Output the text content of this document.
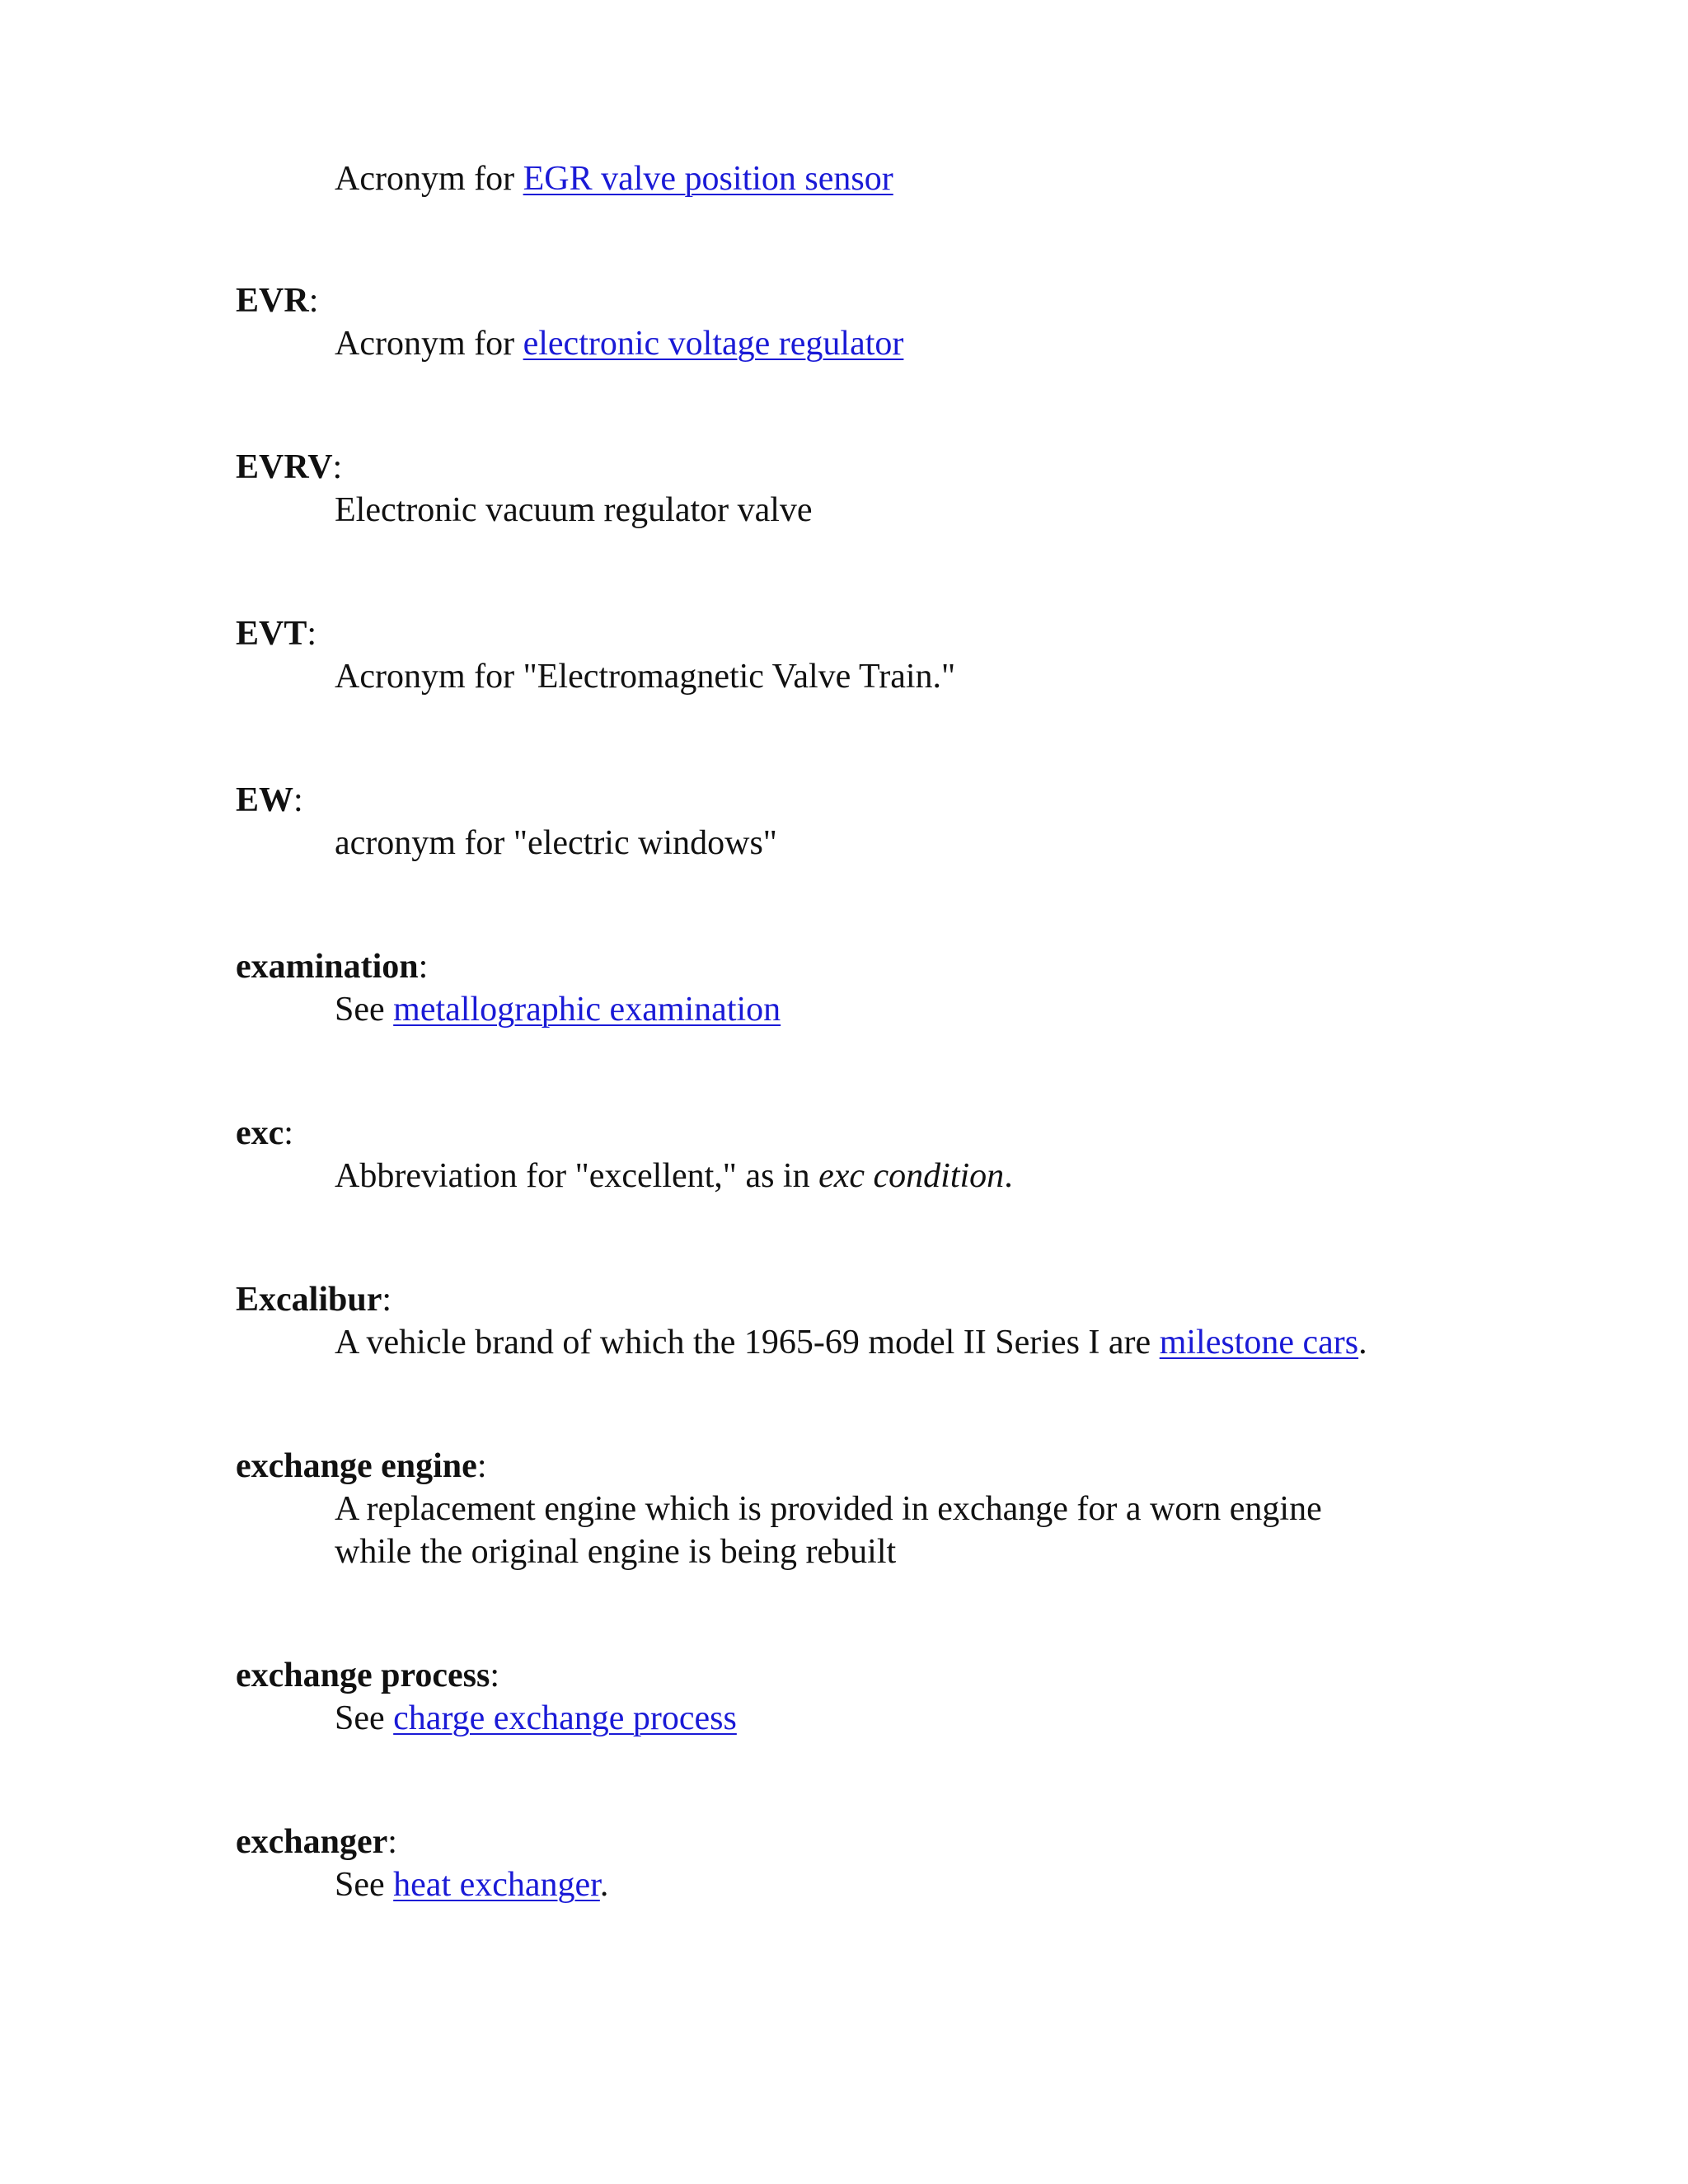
Acronym for EGR valve position sensor
EVR:
Acronym for electronic voltage regulator
EVRV:
Electronic vacuum regulator valve
EVT:
Acronym for "Electromagnetic Valve Train."
EW:
acronym for "electric windows"
examination:
See metallographic examination
exc:
Abbreviation for "excellent," as in exc condition.
Excalibur:
A vehicle brand of which the 1965-69 model II Series I are milestone cars.
exchange engine:
A replacement engine which is provided in exchange for a worn engine
while the original engine is being rebuilt
exchange process:
See charge exchange process
exchanger:
See heat exchanger.
